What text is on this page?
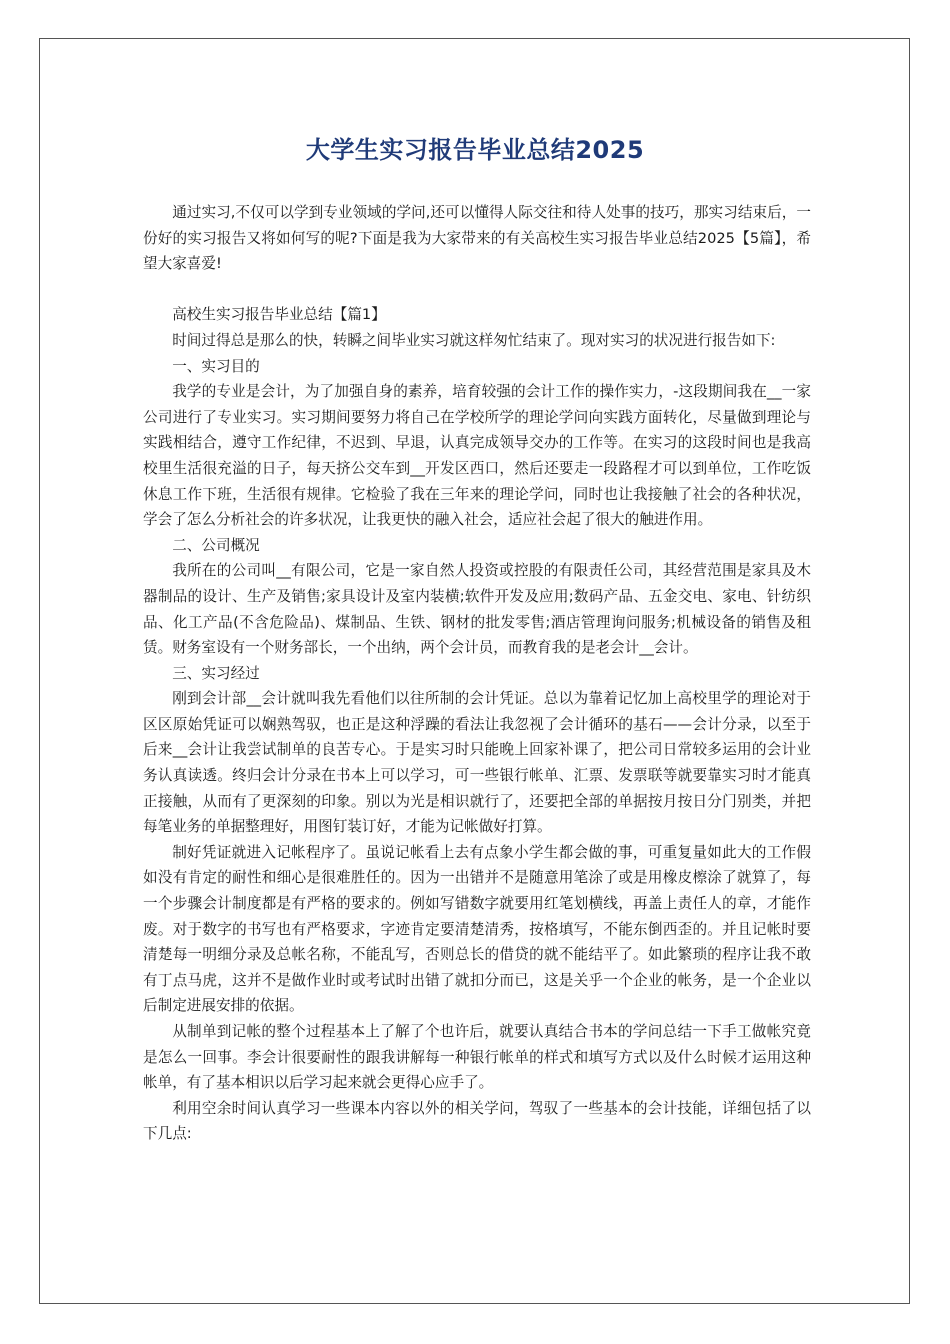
大学生实习报告毕业总结2025

通过实习,不仅可以学到专业领域的学问,还可以懂得人际交往和待人处事的技巧，那实习结束后，一份好的实习报告又将如何写的呢?下面是我为大家带来的有关高校生实习报告毕业总结2025【5篇】，希望大家喜爱!

高校生实习报告毕业总结【篇1】

时间过得总是那么的快，转瞬之间毕业实习就这样匆忙结束了。现对实习的状况进行报告如下:

一、实习目的

我学的专业是会计，为了加强自身的素养，培育较强的会计工作的操作实力，-这段期间我在__一家公司进行了专业实习。实习期间要努力将自己在学校所学的理论学问向实践方面转化，尽量做到理论与实践相结合，遵守工作纪律，不迟到、早退，认真完成领导交办的工作等。在实习的这段时间也是我高校里生活很充溢的日子，每天挤公交车到__开发区西口，然后还要走一段路程才可以到单位，工作吃饭休息工作下班，生活很有规律。它检验了我在三年来的理论学问，同时也让我接触了社会的各种状况，学会了怎么分析社会的许多状况，让我更快的融入社会，适应社会起了很大的触进作用。

二、公司概况

我所在的公司叫__有限公司，它是一家自然人投资或控股的有限责任公司，其经营范围是家具及木器制品的设计、生产及销售;家具设计及室内装横;软件开发及应用;数码产品、五金交电、家电、针纺织品、化工产品(不含危险品)、煤制品、生铁、钢材的批发零售;酒店管理询问服务;机械设备的销售及租赁。财务室设有一个财务部长，一个出纳，两个会计员，而教育我的是老会计__会计。

三、实习经过

刚到会计部__会计就叫我先看他们以往所制的会计凭证。总以为靠着记忆加上高校里学的理论对于区区原始凭证可以娴熟驾驭，也正是这种浮躁的看法让我忽视了会计循环的基石——会计分录，以至于后来__会计让我尝试制单的良苦专心。于是实习时只能晚上回家补课了，把公司日常较多运用的会计业务认真读透。终归会计分录在书本上可以学习，可一些银行帐单、汇票、发票联等就要靠实习时才能真正接触，从而有了更深刻的印象。别以为光是相识就行了，还要把全部的单据按月按日分门别类，并把每笔业务的单据整理好，用图钉装订好，才能为记帐做好打算。

制好凭证就进入记帐程序了。虽说记帐看上去有点象小学生都会做的事，可重复量如此大的工作假如没有肯定的耐性和细心是很难胜任的。因为一出错并不是随意用笔涂了或是用橡皮檫涂了就算了，每一个步骤会计制度都是有严格的要求的。例如写错数字就要用红笔划横线，再盖上责任人的章，才能作废。对于数字的书写也有严格要求，字迹肯定要清楚清秀，按格填写，不能东倒西歪的。并且记帐时要清楚每一明细分录及总帐名称，不能乱写，否则总长的借贷的就不能结平了。如此繁琐的程序让我不敢有丁点马虎，这并不是做作业时或考试时出错了就扣分而已，这是关乎一个企业的帐务，是一个企业以后制定进展安排的依据。

从制单到记帐的整个过程基本上了解了个也许后，就要认真结合书本的学问总结一下手工做帐究竟是怎么一回事。李会计很要耐性的跟我讲解每一种银行帐单的样式和填写方式以及什么时候才运用这种帐单，有了基本相识以后学习起来就会更得心应手了。

利用空余时间认真学习一些课本内容以外的相关学问，驾驭了一些基本的会计技能，详细包括了以下几点:
